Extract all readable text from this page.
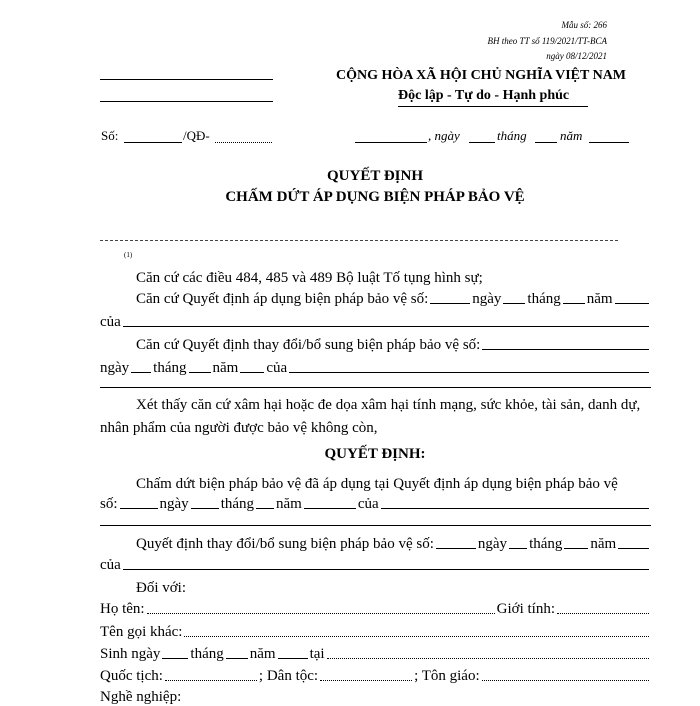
Mẫu số: 266
BH theo TT số 119/2021/TT-BCA
ngày 08/12/2021
CỘNG HÒA XÃ HỘI CHỦ NGHĨA VIỆT NAM
Độc lập - Tự do - Hạnh phúc
Số:	/QĐ-	, ngày	tháng	năm
QUYẾT ĐỊNH
CHẤM DỨT ÁP DỤNG BIỆN PHÁP BẢO VỆ
(1)
Căn cứ các điều 484, 485 và 489 Bộ luật Tố tụng hình sự;
Căn cứ Quyết định áp dụng biện pháp bảo vệ số:	ngày tháng năm
của
Căn cứ Quyết định thay đổi/bổ sung biện pháp bảo vệ số:
ngày tháng năm của
Xét thấy căn cứ xâm hại hoặc đe dọa xâm hại tính mạng, sức khỏe, tài sản, danh dự,
nhân phẩm của người được bảo vệ không còn,
QUYẾT ĐỊNH:
Chấm dứt biện pháp bảo vệ đã áp dụng tại Quyết định áp dụng biện pháp bảo vệ
số:	ngày tháng năm	của
Quyết định thay đổi/bổ sung biện pháp bảo vệ số:	ngày tháng năm
của
Đối với:
Họ tên:	Giới tính:
Tên gọi khác:
Sinh ngày tháng năm tại
Quốc tịch:	; Dân tộc:	; Tôn giáo:
Nghề nghiệp:
